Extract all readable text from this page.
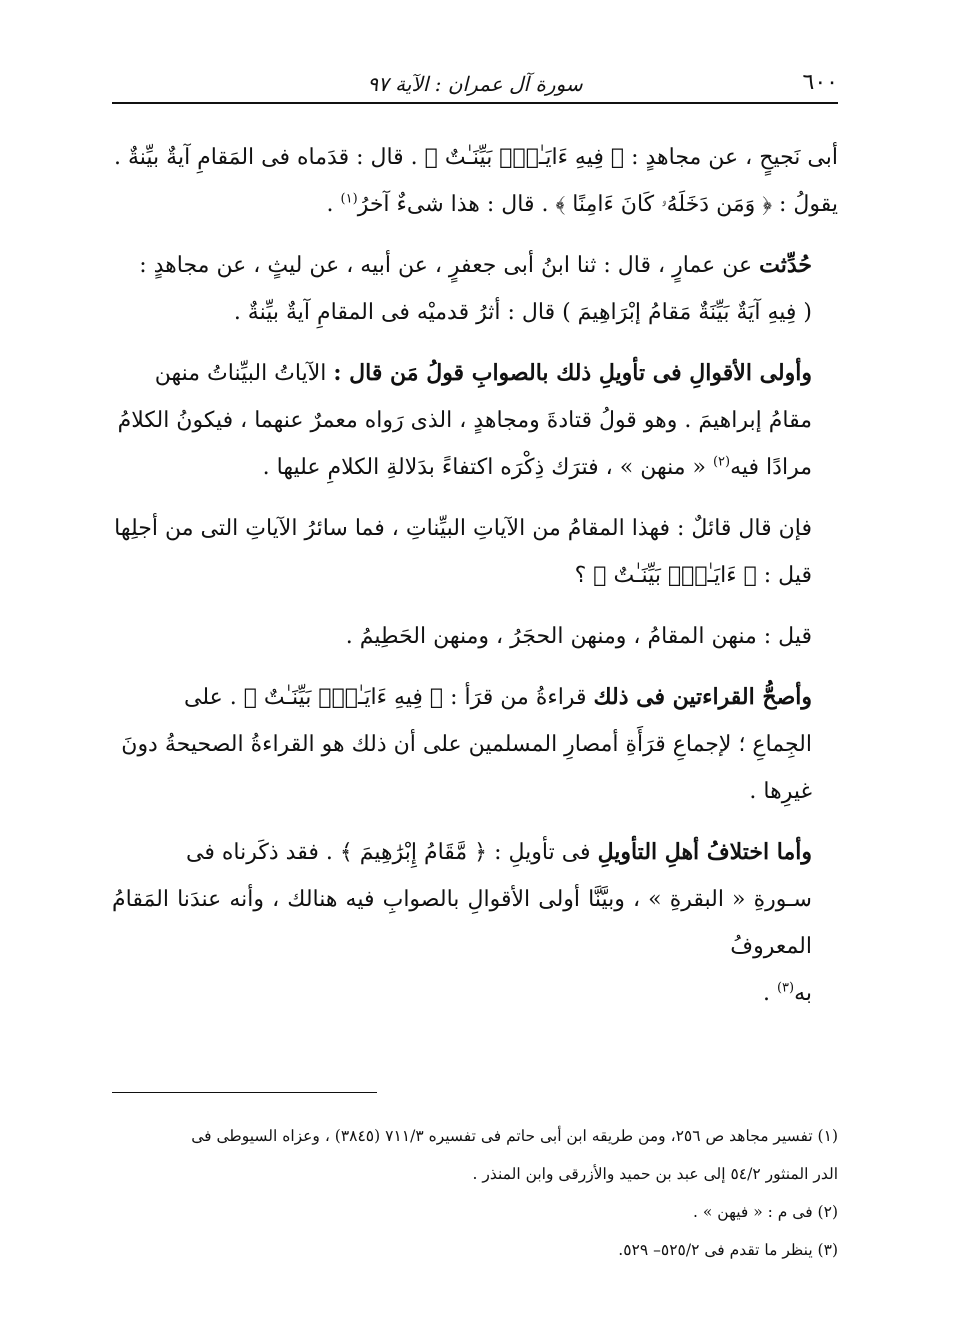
٦٠٠
سورة آل عمران : الآية ٩٧

أبى نَجيحٍ ، عن مجاهدٍ : ﴿ فِيهِ ءَايَـٰتٌۢ بَيِّنَـٰتٌ ﴾ . قال : قدَماه فى المَقامِ آيةٌ بيِّنةٌ .
يقولُ : ﴿ وَمَن دَخَلَهُۥ كَانَ ءَامِنًا ﴾ . قال : هذا شىءٌ آخرُ$^{(١)}$ .

حُدِّثت عن عمارٍ ، قال : ثنا ابنُ أبى جعفرٍ ، عن أبيه ، عن ليثٍ ، عن مجاهدٍ :
( فِيهِ آيَةٌ بَيِّنَةٌ مَقامُ إبْرَاهِيمَ ) قال : أثرُ قدميْه فى المقامِ آيةٌ بيِّنةٌ .

وأولى الأقوالِ فى تأويلِ ذلك بالصوابِ قولُ مَن قال : الآياتُ البيِّناتُ منهن
مقامُ إبراهيمَ . وهو قولُ قتادةَ ومجاهدٍ ، الذى رَواه معمرٌ عنهما ، فيكونُ الكلامُ
مرادًا فيه$^{(٢)}$ « منهن » ، فترَك ذِكْرَه اكتفاءً بدَلالةِ الكلامِ عليها .

فإن قال قائلٌ : فهذا المقامُ من الآياتِ البيِّناتِ ، فما سائرُ الآياتِ التى من أجلِها
قيل : ﴿ ءَايَـٰتٌۢ بَيِّنَـٰتٌ ﴾ ؟

قيل : منهن المقامُ ، ومنهن الحجَرُ ، ومنهن الحَطِيمُ .

وأصحُّ القراءتين فى ذلك قراءةُ من قرَأ : ﴿ فِيهِ ءَايَـٰتٌۢ بَيِّنَـٰتٌ ﴾ . على
الجِماعِ ؛ لإجماعِ قرَأَةِ أمصارِ المسلمين على أن ذلك هو القراءةُ الصحيحةُ دونَ
غيرِها .

وأما اختلافُ أهلِ التأويلِ فى تأويلِ : ﴿ مَّقَامُ إِبْرَٰهِيمَ ﴾ . فقد ذكَرناه فى
سـورةِ « البقرةِ » ، وبيَّنَّا أولى الأقوالِ بالصوابِ فيه هنالك ، وأنه عندَنا المَقامُ المعروفُ
به$^{(٣)}$ .

(١) تفسير مجاهد ص ٢٥٦، ومن طريقه ابن أبى حاتم فى تفسيره ٧١١/٣ (٣٨٤٥) ، وعزاه السيوطى فى
الدر المنثور ٥٤/٢ إلى عبد بن حميد والأزرقى وابن المنذر .

(٢) فى م : « فيهن » .

(٣) ينظر ما تقدم فى ٥٢٥/٢– ٥٢٩.
